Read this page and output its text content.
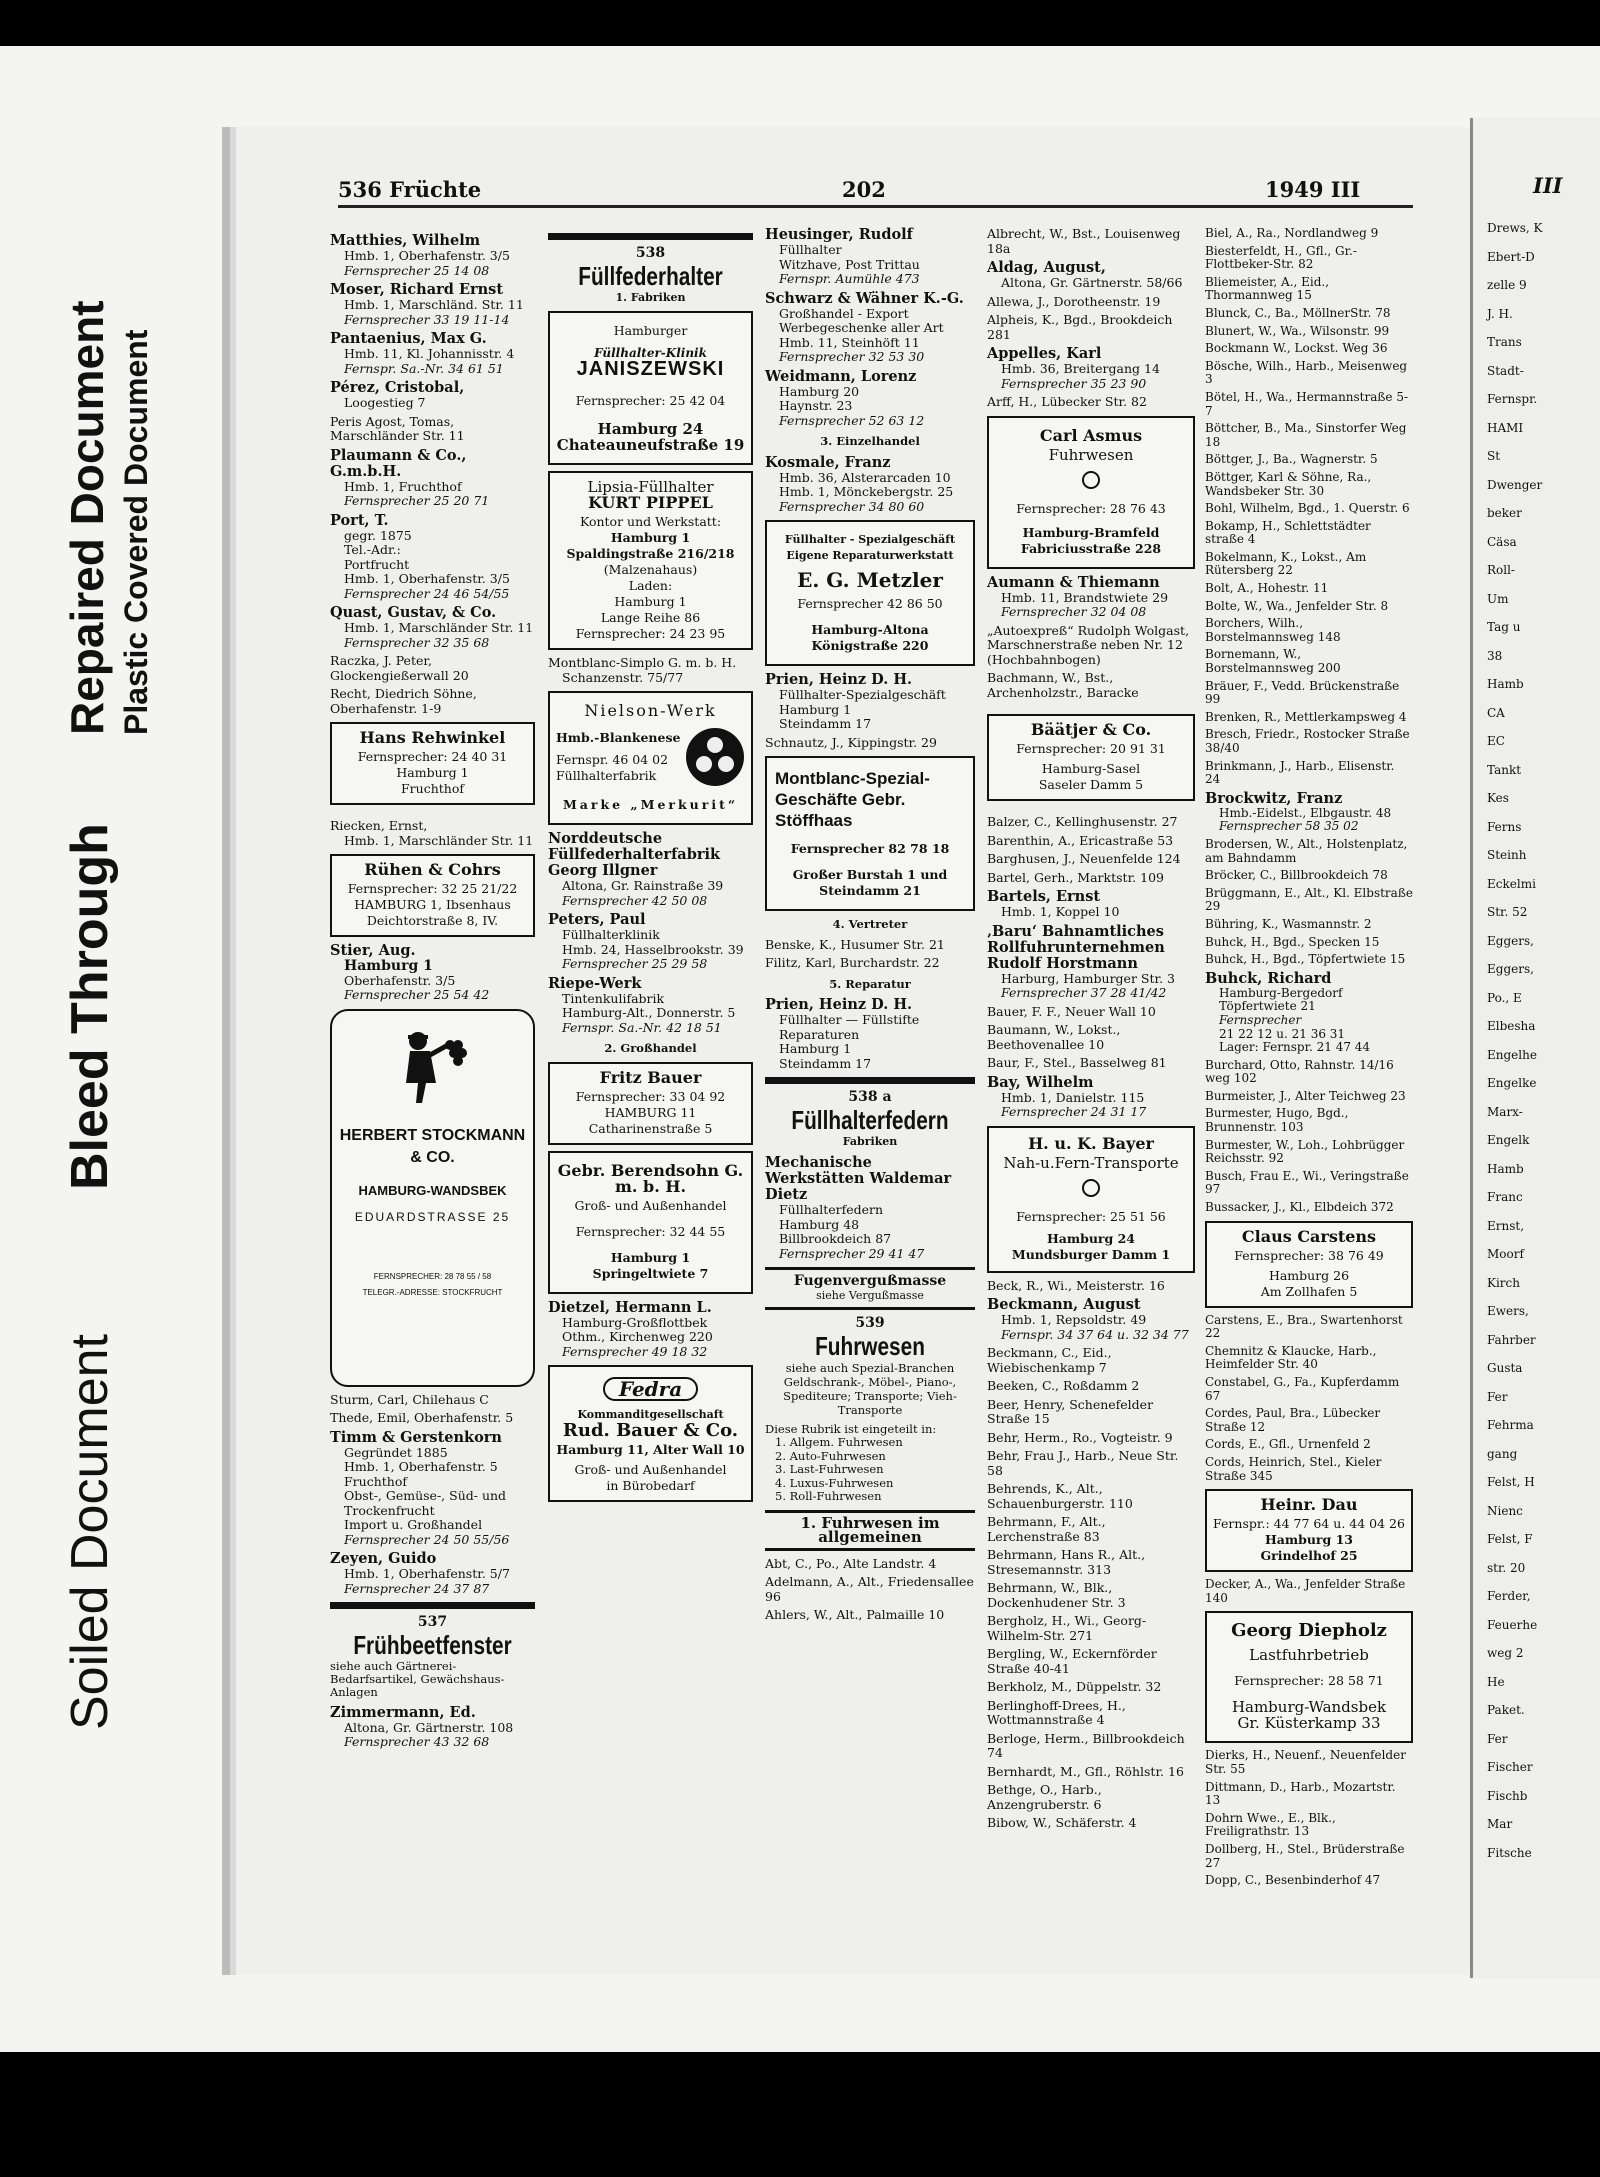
Soiled Document
Bleed Through
Repaired Document Plastic Covered Document
536 Früchte	202	1949 III
Matthies, Wilhelm
Hmb. 1, Oberhafenstr. 3/5
Fernsprecher 25 14 08
Moser, Richard Ernst
Hmb. 1, Marschländ. Str. 11
Fernsprecher 33 19 11-14
Pantaenius, Max G.
Hmb. 11, Kl. Johannisstr. 4
Fernspr. Sa.-Nr. 34 61 51
Pérez, Cristobal,
Loogestieg 7
Peris Agost, Tomas, Marschländer Str. 11
Plaumann & Co., G.m.b.H.
Hmb. 1, Fruchthof
Fernsprecher 25 20 71
Port, T.
gegr. 1875
Tel.-Adr.:
Portfrucht
Hmb. 1, Oberhafenstr. 3/5
Fernsprecher 24 46 54/55
Quast, Gustav, & Co.
Hmb. 1, Marschländer Str. 11
Fernsprecher 32 35 68
Raczka, J. Peter, Glockengießerwall 20
Recht, Diedrich Söhne, Oberhafenstr. 1-9
Hans Rehwinkel
Fernsprecher: 24 40 31
Hamburg 1
Fruchthof
Riecken, Ernst,
Hmb. 1, Marschländer Str. 11
Rühen & Cohrs
Fernsprecher: 32 25 21/22
HAMBURG 1, Ibsenhaus
Deichtorstraße 8, IV.
Stier, Aug.
Hamburg 1
Oberhafenstr. 3/5
Fernsprecher 25 54 42
HERBERT STOCKMANN & CO.
HAMBURG-WANDSBEK
EDUARDSTRASSE 25
FERNSPRECHER: 28 78 55 / 58
TELEGR.-ADRESSE: STOCKFRUCHT
Sturm, Carl, Chilehaus C
Thede, Emil, Oberhafenstr. 5
Timm & Gerstenkorn
Gegründet 1885
Hmb. 1, Oberhafenstr. 5
Fruchthof
Obst-, Gemüse-, Süd- und
Trockenfrucht
Import u. Großhandel
Fernsprecher 24 50 55/56
Zeyen, Guido
Hmb. 1, Oberhafenstr. 5/7
Fernsprecher 24 37 87
537
Frühbeetfenster
siehe auch Gärtnerei-Bedarfsartikel, Gewächshaus-Anlagen
Zimmermann, Ed.
Altona, Gr. Gärtnerstr. 108
Fernsprecher 43 32 68
538
Füllfederhalter
1. Fabriken
Hamburger
Füllhalter-Klinik
JANISZEWSKI
Fernsprecher: 25 42 04
Hamburg 24
Chateauneufstraße 19
Lipsia-Füllhalter
KURT PIPPEL
Kontor und Werkstatt:
Hamburg 1
Spaldingstraße 216/218
(Malzenahaus)
Laden:
Hamburg 1
Lange Reihe 86
Fernsprecher: 24 23 95
Montblanc-Simplo G. m. b. H.
Schanzenstr. 75/77
Nielson-Werk
Hmb.-Blankenese
Fernspr. 46 04 02
Füllhalterfabrik
Marke „Merkurit“
Norddeutsche Füllfederhalterfabrik Georg Illgner
Altona, Gr. Rainstraße 39
Fernsprecher 42 50 08
Peters, Paul
Füllhalterklinik
Hmb. 24, Hasselbrookstr. 39
Fernsprecher 25 29 58
Riepe-Werk
Tintenkulifabrik
Hamburg-Alt., Donnerstr. 5
Fernspr. Sa.-Nr. 42 18 51
2. Großhandel
Fritz Bauer
Fernsprecher: 33 04 92
HAMBURG 11
Catharinenstraße 5
Gebr. Berendsohn G. m. b. H.
Groß- und Außenhandel
Fernsprecher: 32 44 55
Hamburg 1
Springeltwiete 7
Dietzel, Hermann L.
Hamburg-Großflottbek
Othm., Kirchenweg 220
Fernsprecher 49 18 32
Fedra
Kommanditgesellschaft
Rud. Bauer & Co.
Hamburg 11, Alter Wall 10
Groß- und Außenhandel
in Bürobedarf
Heusinger, Rudolf
Füllhalter
Witzhave, Post Trittau
Fernspr. Aumühle 473
Schwarz & Wähner K.-G.
Großhandel - Export
Werbegeschenke aller Art
Hmb. 11, Steinhöft 11
Fernsprecher 32 53 30
Weidmann, Lorenz
Hamburg 20
Haynstr. 23
Fernsprecher 52 63 12
3. Einzelhandel
Kosmale, Franz
Hmb. 36, Alsterarcaden 10
Hmb. 1, Mönckebergstr. 25
Fernsprecher 34 80 60
Füllhalter - Spezialgeschäft
Eigene Reparaturwerkstatt
E. G. Metzler
Fernsprecher 42 86 50
Hamburg-Altona
Königstraße 220
Prien, Heinz D. H.
Füllhalter-Spezialgeschäft
Hamburg 1
Steindamm 17
Schnautz, J., Kippingstr. 29
Montblanc-Spezial-Geschäfte Gebr. Stöffhaas
Fernsprecher 82 78 18
Großer Burstah 1 und
Steindamm 21
4. Vertreter
Benske, K., Husumer Str. 21
Filitz, Karl, Burchardstr. 22
5. Reparatur
Prien, Heinz D. H.
Füllhalter — Füllstifte
Reparaturen
Hamburg 1
Steindamm 17
538 a
Füllhalterfedern
Fabriken
Mechanische Werkstätten Waldemar Dietz
Füllhalterfedern
Hamburg 48
Billbrookdeich 87
Fernsprecher 29 41 47
Fugenvergußmasse
siehe Vergußmasse
539
Fuhrwesen
siehe auch Spezial-Branchen Geldschrank-, Möbel-, Piano-, Spediteure; Transporte; Vieh-Transporte
Diese Rubrik ist eingeteilt in:
1. Allgem. Fuhrwesen
2. Auto-Fuhrwesen
3. Last-Fuhrwesen
4. Luxus-Fuhrwesen
5. Roll-Fuhrwesen
1. Fuhrwesen im allgemeinen
Abt, C., Po., Alte Landstr. 4
Adelmann, A., Alt., Friedensallee 96
Ahlers, W., Alt., Palmaille 10
Albrecht, W., Bst., Louisenweg 18a
Aldag, August,
Altona, Gr. Gärtnerstr. 58/66
Allewa, J., Dorotheenstr. 19
Alpheis, K., Bgd., Brookdeich 281
Appelles, Karl
Hmb. 36, Breitergang 14
Fernsprecher 35 23 90
Arff, H., Lübecker Str. 82
Carl Asmus
Fuhrwesen
Fernsprecher: 28 76 43
Hamburg-Bramfeld
Fabriciusstraße 228
Aumann & Thiemann
Hmb. 11, Brandstwiete 29
Fernsprecher 32 04 08
„Autoexpreß“ Rudolph Wolgast, Marschnerstraße neben Nr. 12 (Hochbahnbogen)
Bachmann, W., Bst., Archenholzstr., Baracke
Bäätjer & Co.
Fernsprecher: 20 91 31
Hamburg-Sasel
Saseler Damm 5
Balzer, C., Kellinghusenstr. 27
Barenthin, A., Ericastraße 53
Barghusen, J., Neuenfelde 124
Bartel, Gerh., Marktstr. 109
Bartels, Ernst
Hmb. 1, Koppel 10
‚Baru‘ Bahnamtliches Rollfuhrunternehmen Rudolf Horstmann
Harburg, Hamburger Str. 3
Fernsprecher 37 28 41/42
Bauer, F. F., Neuer Wall 10
Baumann, W., Lokst., Beethovenallee 10
Baur, F., Stel., Basselweg 81
Bay, Wilhelm
Hmb. 1, Danielstr. 115
Fernsprecher 24 31 17
H. u. K. Bayer
Nah-u.Fern-Transporte
Fernsprecher: 25 51 56
Hamburg 24
Mundsburger Damm 1
Beck, R., Wi., Meisterstr. 16
Beckmann, August
Hmb. 1, Repsoldstr. 49
Fernspr. 34 37 64 u. 32 34 77
Beckmann, C., Eid., Wiebischenkamp 7
Beeken, C., Roßdamm 2
Beer, Henry, Schenefelder Straße 15
Behr, Herm., Ro., Vogteistr. 9
Behr, Frau J., Harb., Neue Str. 58
Behrends, K., Alt., Schauenburgerstr. 110
Behrmann, F., Alt., Lerchenstraße 83
Behrmann, Hans R., Alt., Stresemannstr. 313
Behrmann, W., Blk., Dockenhudener Str. 3
Bergholz, H., Wi., Georg-Wilhelm-Str. 271
Bergling, W., Eckernförder Straße 40-41
Berkholz, M., Düppelstr. 32
Berlinghoff-Drees, H., Wottmannstraße 4
Berloge, Herm., Billbrookdeich 74
Bernhardt, M., Gfl., Röhlstr. 16
Bethge, O., Harb., Anzengruberstr. 6
Bibow, W., Schäferstr. 4
Biel, A., Ra., Nordlandweg 9
Biesterfeldt, H., Gfl., Gr.-Flottbeker-Str. 82
Bliemeister, A., Eid., Thormannweg 15
Blunck, C., Ba., MöllnerStr. 78
Blunert, W., Wa., Wilsonstr. 99
Bockmann W., Lockst. Weg 36
Bösche, Wilh., Harb., Meisenweg 3
Bötel, H., Wa., Hermannstraße 5-7
Böttcher, B., Ma., Sinstorfer Weg 18
Böttger, J., Ba., Wagnerstr. 5
Böttger, Karl & Söhne, Ra., Wandsbeker Str. 30
Bohl, Wilhelm, Bgd., 1. Querstr. 6
Bokamp, H., Schlettstädter straße 4
Bokelmann, K., Lokst., Am Rütersberg 22
Bolt, A., Hohestr. 11
Bolte, W., Wa., Jenfelder Str. 8
Borchers, Wilh., Borstelmannsweg 148
Bornemann, W., Borstelmannsweg 200
Bräuer, F., Vedd. Brückenstraße 99
Brenken, R., Mettlerkampsweg 4
Bresch, Friedr., Rostocker Straße 38/40
Brinkmann, J., Harb., Elisenstr. 24
Brockwitz, Franz
Hmb.-Eidelst., Elbgaustr. 48
Fernsprecher 58 35 02
Brodersen, W., Alt., Holstenplatz, am Bahndamm
Bröcker, C., Billbrookdeich 78
Brüggmann, E., Alt., Kl. Elbstraße 29
Bühring, K., Wasmannstr. 2
Buhck, H., Bgd., Specken 15
Buhck, H., Bgd., Töpfertwiete 15
Buhck, Richard
Hamburg-Bergedorf
Töpfertwiete 21
Fernsprecher
21 22 12 u. 21 36 31
Lager: Fernspr. 21 47 44
Burchard, Otto, Rahnstr. 14/16 weg 102
Burmeister, J., Alter Teichweg 23
Burmester, Hugo, Bgd., Brunnenstr. 103
Burmester, W., Loh., Lohbrügger Reichsstr. 92
Busch, Frau E., Wi., Veringstraße 97
Bussacker, J., Kl., Elbdeich 372
Claus Carstens
Fernsprecher: 38 76 49
Hamburg 26
Am Zollhafen 5
Carstens, E., Bra., Swartenhorst 22
Chemnitz & Klaucke, Harb., Heimfelder Str. 40
Constabel, G., Fa., Kupferdamm 67
Cordes, Paul, Bra., Lübecker Straße 12
Cords, E., Gfl., Urnenfeld 2
Cords, Heinrich, Stel., Kieler Straße 345
Heinr. Dau
Fernspr.: 44 77 64 u. 44 04 26
Hamburg 13
Grindelhof 25
Decker, A., Wa., Jenfelder Straße 140
Georg Diepholz
Lastfuhrbetrieb
Fernsprecher: 28 58 71
Hamburg-Wandsbek
Gr. Küsterkamp 33
Dierks, H., Neuenf., Neuenfelder Str. 55
Dittmann, D., Harb., Mozartstr. 13
Dohrn Wwe., E., Blk., Freiligrathstr. 13
Dollberg, H., Stel., Brüderstraße 27
Dopp, C., Besenbinderhof 47
III
Drews, K
Ebert-D
zelle 9
J. H.
Trans
Stadt-
Fernspr.
HAMI
St
Dwenger
beker
Cäsa
Roll-
Um
Tag u
38
Hamb
CA
EC
Tankt
Kes
Ferns
Steinh
Eckelmi
Str. 52
Eggers,
Eggers,
Po., E
Elbesha
Engelhe
Engelke
Marx-
Engelk
Hamb
Franc
Ernst,
Moorf
Kirch
Ewers,
Fahrber
Gusta
Fer
Fehrma
gang
Felst, H
Nienc
Felst, F
str. 20
Ferder,
Feuerhe
weg 2
He
Paket.
Fer
Fischer
Fischb
Mar
Fitsche
